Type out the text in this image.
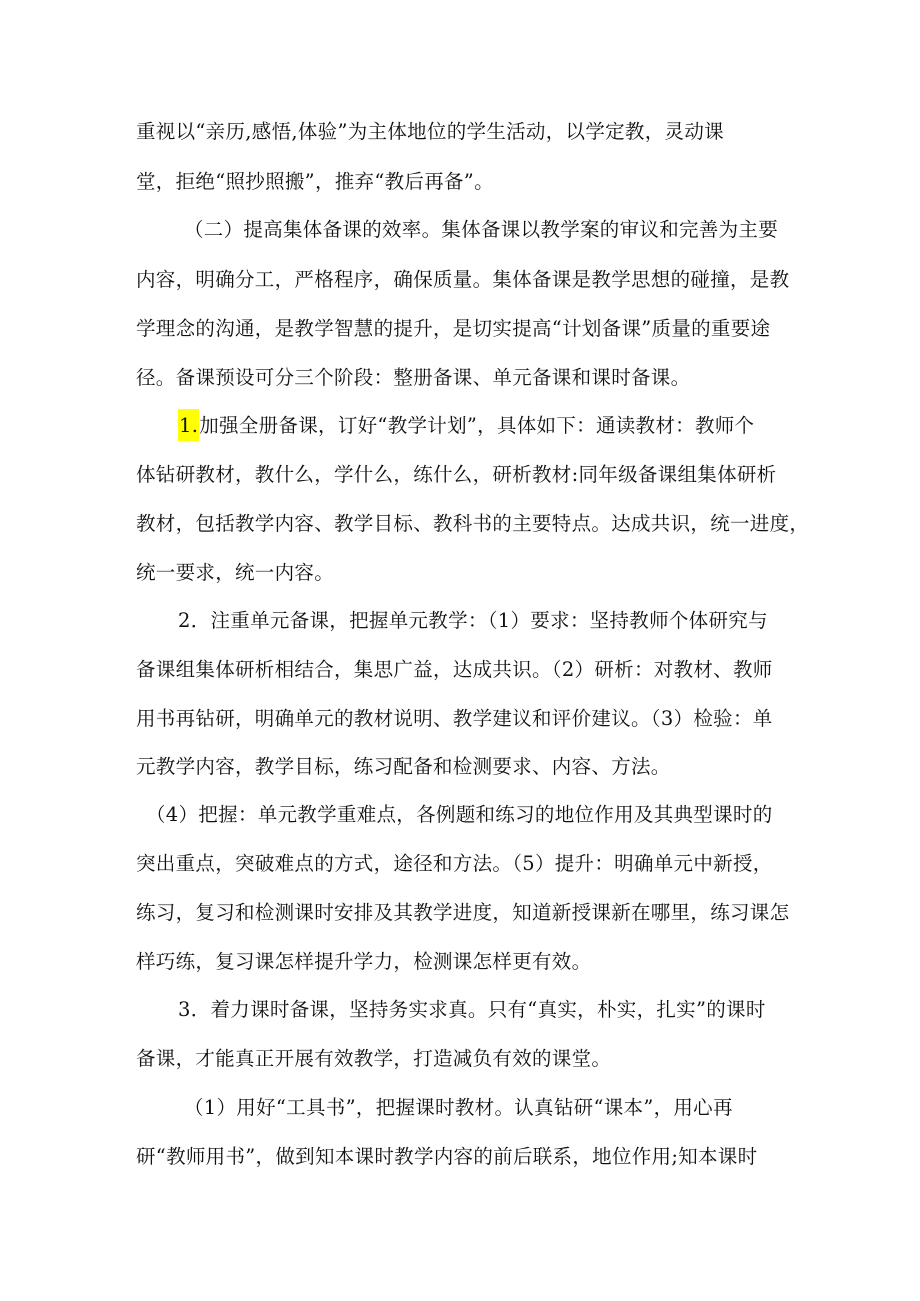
重视以“亲历,感悟,体验”为主体地位的学生活动，以学定教，灵动课
堂，拒绝“照抄照搬”，推弃“教后再备”。
（二）提高集体备课的效率。集体备课以教学案的审议和完善为主要
内容，明确分工，严格程序，确保质量。集体备课是教学思想的碰撞，是教
学理念的沟通，是教学智慧的提升，是切实提高“计划备课”质量的重要途
径。备课预设可分三个阶段：整册备课、单元备课和课时备课。
1.加强全册备课，订好“教学计划”，具体如下：通读教材：教师个
体钻研教材，教什么，学什么，练什么，研析教材:同年级备课组集体研析
教材，包括教学内容、教学目标、教科书的主要特点。达成共识，统一进度，
统一要求，统一内容。
2．注重单元备课，把握单元教学：（1）要求：坚持教师个体研究与
备课组集体研析相结合，集思广益，达成共识。（2）研析：对教材、教师
用书再钻研，明确单元的教材说明、教学建议和评价建议。（3）检验：单
元教学内容，教学目标，练习配备和检测要求、内容、方法。
（4）把握：单元教学重难点，各例题和练习的地位作用及其典型课时的
突出重点，突破难点的方式，途径和方法。（5）提升：明确单元中新授，
练习，复习和检测课时安排及其教学进度，知道新授课新在哪里，练习课怎
样巧练，复习课怎样提升学力，检测课怎样更有效。
3．着力课时备课，坚持务实求真。只有“真实，朴实，扎实”的课时
备课，才能真正开展有效教学，打造减负有效的课堂。
（1）用好“工具书”，把握课时教材。认真钻研“课本”，用心再
研“教师用书”，做到知本课时教学内容的前后联系，地位作用;知本课时
